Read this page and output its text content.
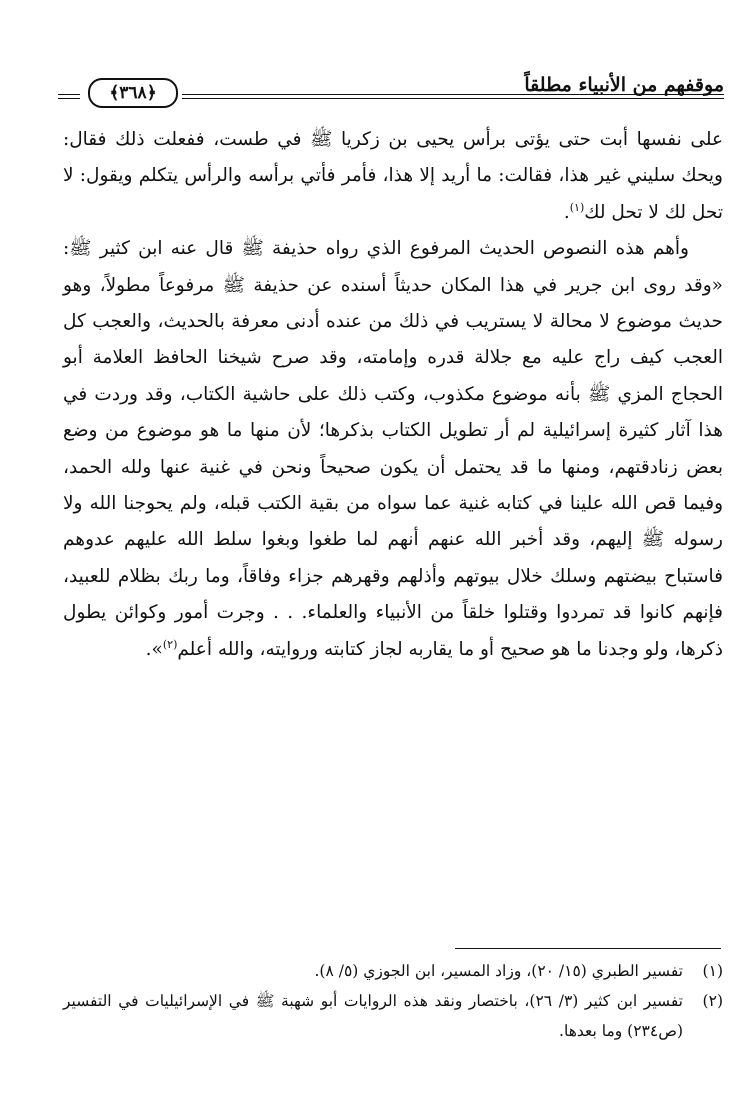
موقفهم من الأنبياء مطلقاً
﴿٣٦٨﴾

على نفسها أبت حتى يؤتى برأس يحيى بن زكريا ﷺ في طست، ففعلت ذلك فقال: ويحك سليني غير هذا، فقالت: ما أريد إلا هذا، فأمر فأتي برأسه والرأس يتكلم ويقول: لا تحل لك لا تحل لك$^{(١)}$.

وأهم هذه النصوص الحديث المرفوع الذي رواه حذيفة ﷺ قال عنه ابن كثير ﷺ: «وقد روى ابن جرير في هذا المكان حديثاً أسنده عن حذيفة ﷺ مرفوعاً مطولاً، وهو حديث موضوع لا محالة لا يستريب في ذلك من عنده أدنى معرفة بالحديث، والعجب كل العجب كيف راج عليه مع جلالة قدره وإمامته، وقد صرح شيخنا الحافظ العلامة أبو الحجاج المزي ﷺ بأنه موضوع مكذوب، وكتب ذلك على حاشية الكتاب، وقد وردت في هذا آثار كثيرة إسرائيلية لم أر تطويل الكتاب بذكرها؛ لأن منها ما هو موضوع من وضع بعض زنادقتهم، ومنها ما قد يحتمل أن يكون صحيحاً ونحن في غنية عنها ولله الحمد، وفيما قص الله علينا في كتابه غنية عما سواه من بقية الكتب قبله، ولم يحوجنا الله ولا رسوله ﷺ إليهم، وقد أخبر الله عنهم أنهم لما طغوا وبغوا سلط الله عليهم عدوهم فاستباح بيضتهم وسلك خلال بيوتهم وأذلهم وقهرهم جزاء وفاقاً، وما ربك بظلام للعبيد، فإنهم كانوا قد تمردوا وقتلوا خلقاً من الأنبياء والعلماء. . . وجرت أمور وكوائن يطول ذكرها، ولو وجدنا ما هو صحيح أو ما يقاربه لجاز كتابته وروايته، والله أعلم$^{(٢)}$».

(١)
تفسير الطبري (١٥/ ٢٠)، وزاد المسير، ابن الجوزي (٥/ ٨).
(٢)
تفسير ابن كثير (٣/ ٢٦)، باختصار ونقد هذه الروايات أبو شهبة ﷺ في الإسرائيليات في التفسير (ص٢٣٤) وما بعدها.
